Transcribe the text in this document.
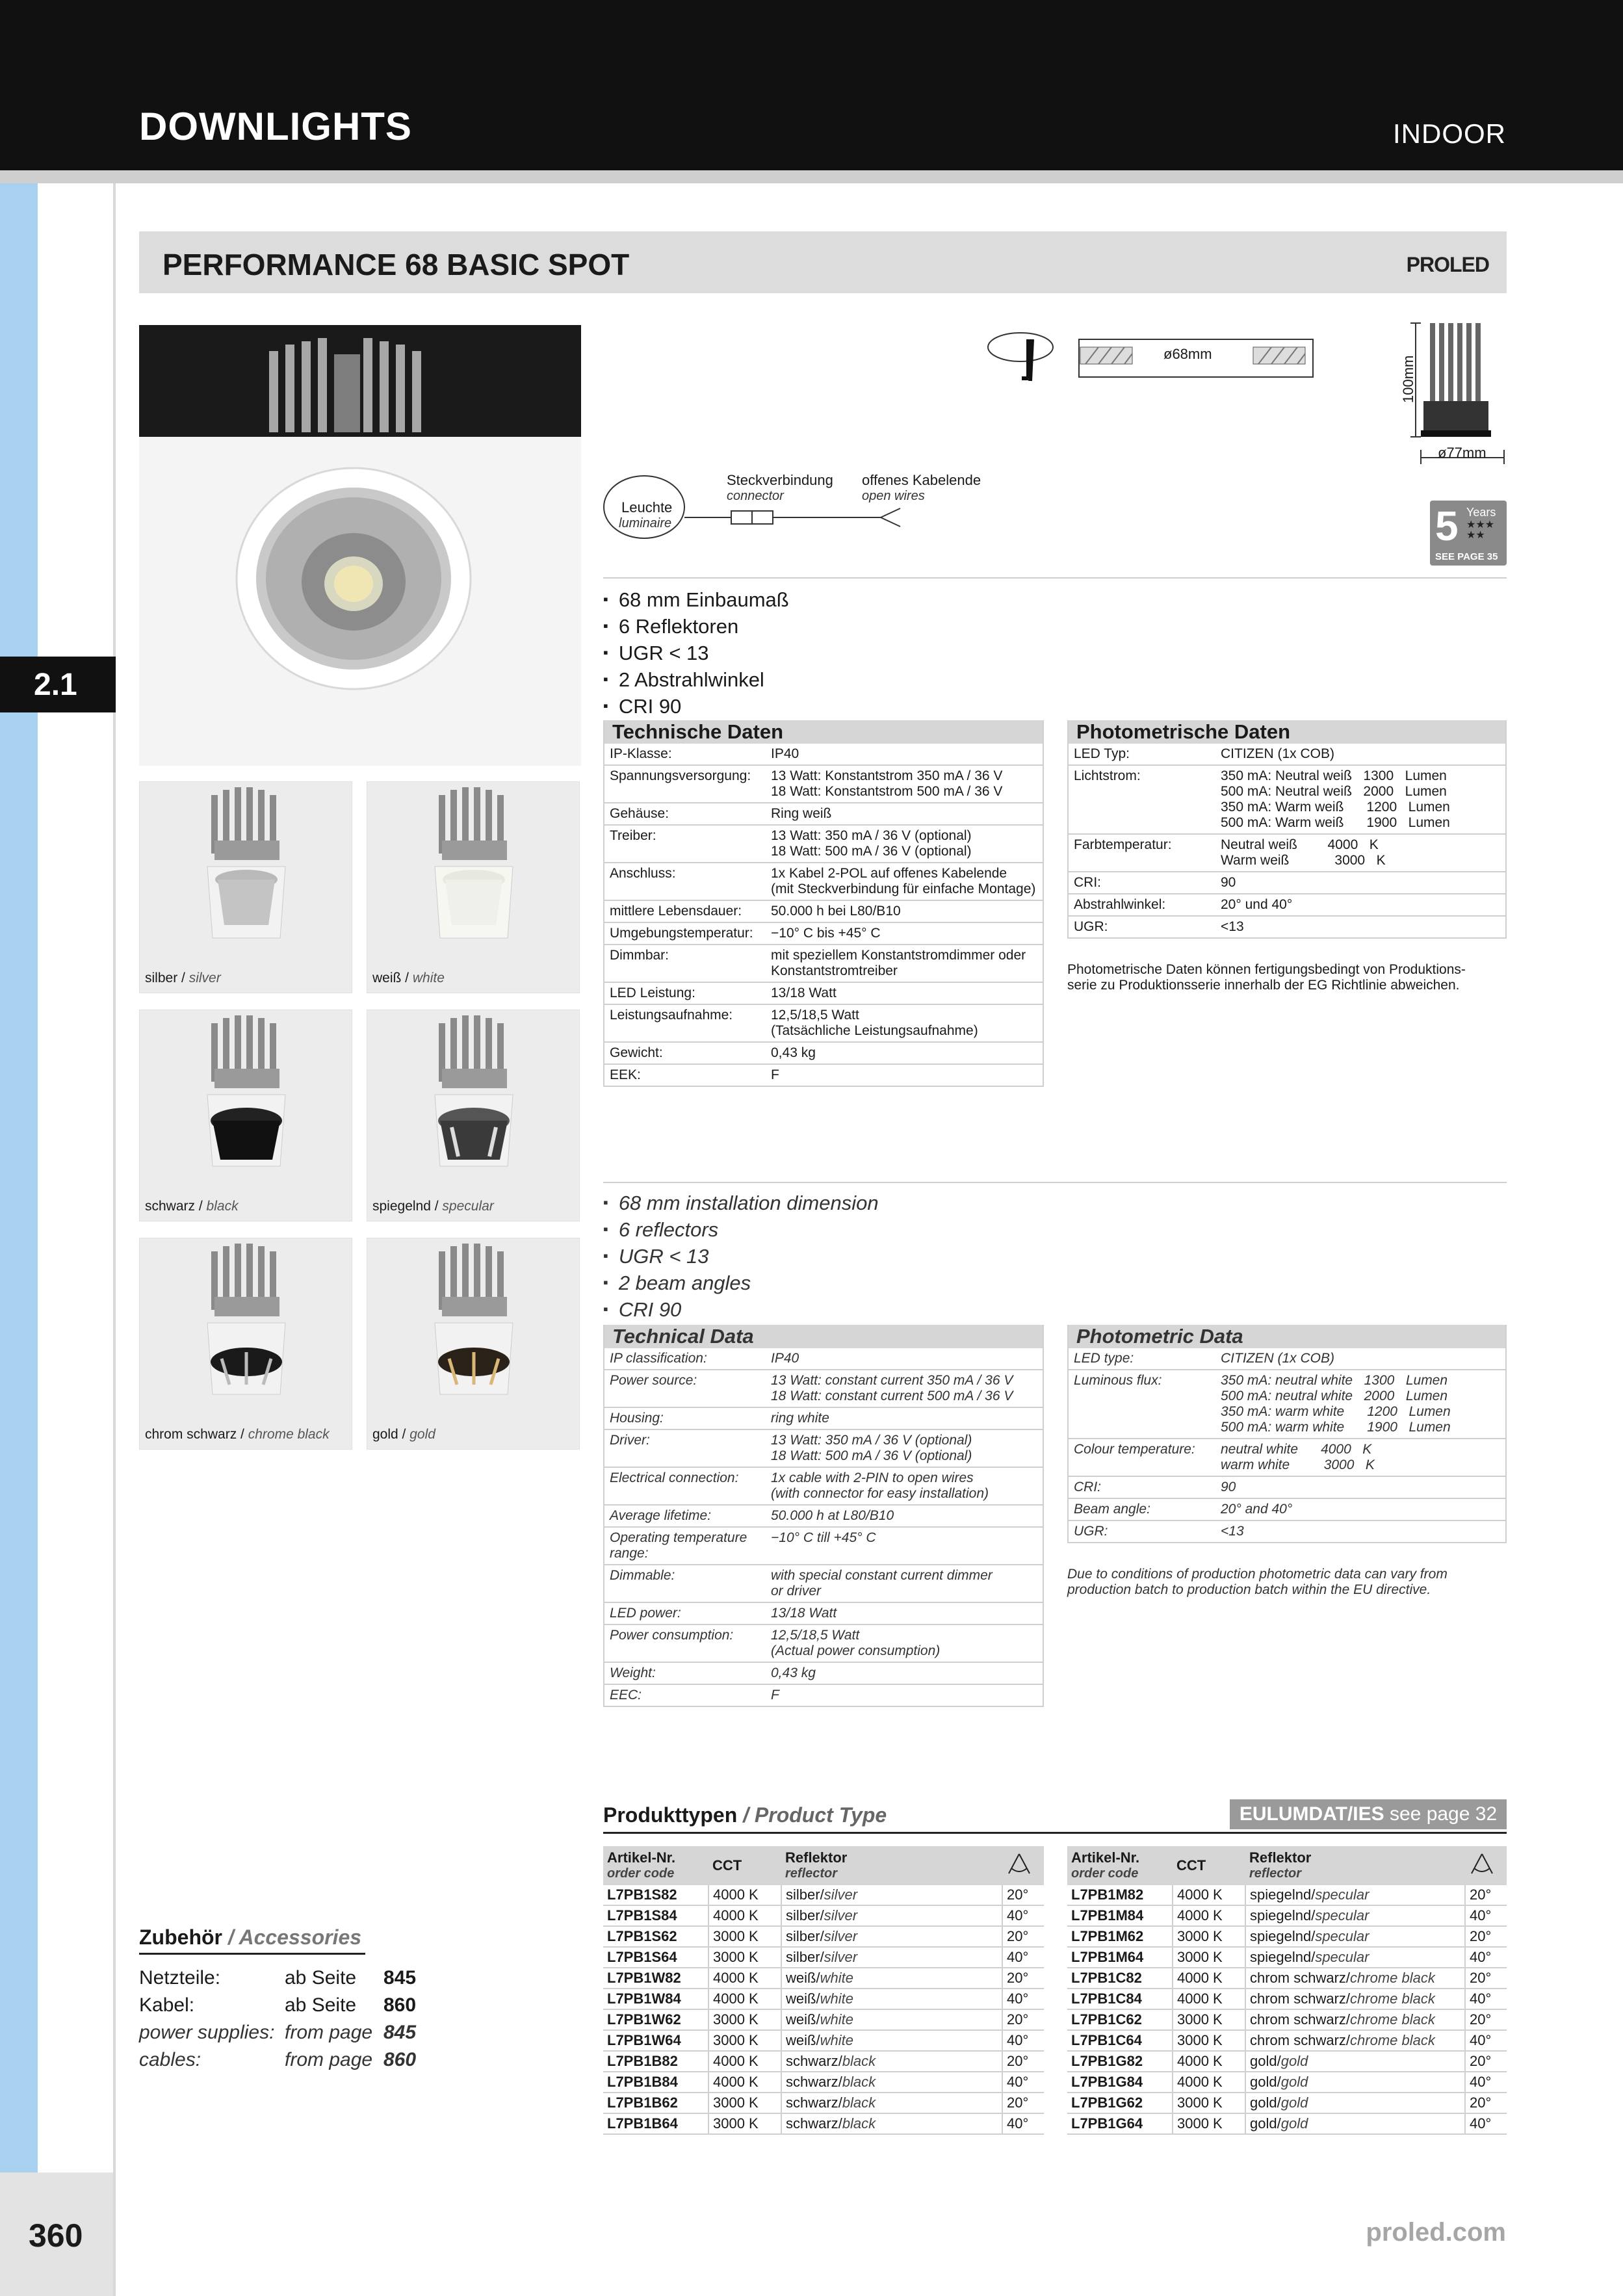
DOWNLIGHTS	INDOOR
2.1
360	proled.com
PERFORMANCE 68 BASIC SPOT	PROLED
silber / silver	weiß / white
schwarz / black	spiegelnd / specular
chrom schwarz / chrome black	gold / gold
ø68mm
100mm
ø77mm
Leuchte
luminaire
Steckverbindung
connector
offenes Kabelende
open wires
5 Years
★★★
★★
SEE PAGE 35
▪ 68 mm Einbaumaß
▪ 6 Reflektoren
▪ UGR < 13
▪ 2 Abstrahlwinkel
▪ CRI 90
Technische Daten	
IP-Klasse:	IP40
Spannungsversorgung:	13 Watt: Konstantstrom 350 mA / 36 V
18 Watt: Konstantstrom 500 mA / 36 V
Gehäuse:	Ring weiß
Treiber:	13 Watt: 350 mA / 36 V (optional)
18 Watt: 500 mA / 36 V (optional)
Anschluss:	1x Kabel 2-POL auf offenes Kabelende
(mit Steckverbindung für einfache Montage)
mittlere Lebensdauer:	50.000 h bei L80/B10
Umgebungstemperatur:	−10° C bis +45° C
Dimmbar:	mit speziellem Konstantstromdimmer oder
Konstantstromtreiber
LED Leistung:	13/18 Watt
Leistungsaufnahme:	12,5/18,5 Watt
(Tatsächliche Leistungsaufnahme)
Gewicht:	0,43 kg
EEK:	F
Photometrische Daten	
LED Typ:	CITIZEN (1x COB)
Lichtstrom:	350 mA: Neutral weiß   1300   Lumen
500 mA: Neutral weiß   2000   Lumen
350 mA: Warm weiß      1200   Lumen
500 mA: Warm weiß      1900   Lumen
Farbtemperatur:	Neutral weiß        4000   K
Warm weiß            3000   K
CRI:	90
Abstrahlwinkel:	20° und 40°
UGR:	<13
Photometrische Daten können fertigungsbedingt von Produktions-
serie zu Produktionsserie innerhalb der EG Richtlinie abweichen.
▪ 68 mm installation dimension
▪ 6 reflectors
▪ UGR < 13
▪ 2 beam angles
▪ CRI 90
Technical Data	
IP classification:	IP40
Power source:	13 Watt: constant current 350 mA / 36 V
18 Watt: constant current 500 mA / 36 V
Housing:	ring white
Driver:	13 Watt: 350 mA / 36 V (optional)
18 Watt: 500 mA / 36 V (optional)
Electrical connection:	1x cable with 2-PIN to open wires
(with connector for easy installation)
Average lifetime:	50.000 h at L80/B10
Operating temperature
range:	−10° C till +45° C
Dimmable:	with special constant current dimmer
or driver
LED power:	13/18 Watt
Power consumption:	12,5/18,5 Watt
(Actual power consumption)
Weight:	0,43 kg
EEC:	F
Photometric Data	
LED type:	CITIZEN (1x COB)
Luminous flux:	350 mA: neutral white   1300   Lumen
500 mA: neutral white   2000   Lumen
350 mA: warm white      1200   Lumen
500 mA: warm white      1900   Lumen
Colour temperature:	neutral white      4000   K
warm white         3000   K
CRI:	90
Beam angle:	20° and 40°
UGR:	<13
Due to conditions of production photometric data can vary from
production batch to production batch within the EU directive.
Produkttypen / Product Type	EULUMDAT/IES
see page 32
Artikel-Nr.
order code	CCT	Reflektor
reflector

L7PB1S82	4000 K	silber/silver	20°
L7PB1S84	4000 K	silber/silver	40°
L7PB1S62	3000 K	silber/silver	20°
L7PB1S64	3000 K	silber/silver	40°
L7PB1W82	4000 K	weiß/white	20°
L7PB1W84	4000 K	weiß/white	40°
L7PB1W62	3000 K	weiß/white	20°
L7PB1W64	3000 K	weiß/white	40°
L7PB1B82	4000 K	schwarz/black	20°
L7PB1B84	4000 K	schwarz/black	40°
L7PB1B62	3000 K	schwarz/black	20°
L7PB1B64	3000 K	schwarz/black	40°
Artikel-Nr.
order code	CCT	Reflektor
reflector

L7PB1M82	4000 K	spiegelnd/specular	20°
L7PB1M84	4000 K	spiegelnd/specular	40°
L7PB1M62	3000 K	spiegelnd/specular	20°
L7PB1M64	3000 K	spiegelnd/specular	40°
L7PB1C82	4000 K	chrom schwarz/chrome black	20°
L7PB1C84	4000 K	chrom schwarz/chrome black	40°
L7PB1C62	3000 K	chrom schwarz/chrome black	20°
L7PB1C64	3000 K	chrom schwarz/chrome black	40°
L7PB1G82	4000 K	gold/gold	20°
L7PB1G84	4000 K	gold/gold	40°
L7PB1G62	3000 K	gold/gold	20°
L7PB1G64	3000 K	gold/gold	40°
Zubehör / Accessories
Netzteile:	ab Seite 845
Kabel:	ab Seite 860
power supplies: from page 845
cables:	from page 860
